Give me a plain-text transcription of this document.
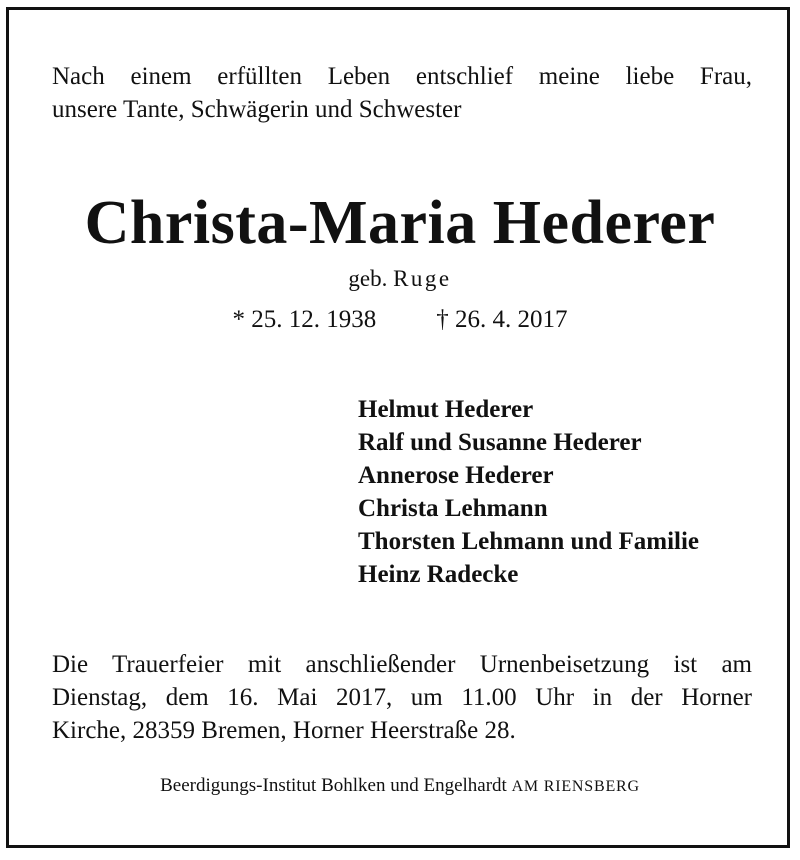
Nach einem erfüllten Leben entschlief meine liebe Frau,
unsere Tante, Schwägerin und Schwester
Christa-Maria Hederer
geb. Ruge
* 25. 12. 1938 † 26. 4. 2017
Helmut Hederer
Ralf und Susanne Hederer
Annerose Hederer
Christa Lehmann
Thorsten Lehmann und Familie
Heinz Radecke
Die Trauerfeier mit anschließender Urnenbeisetzung ist am
Dienstag, dem 16. Mai 2017, um 11.00 Uhr in der Horner
Kirche, 28359 Bremen, Horner Heerstraße 28.
Beerdigungs-Institut Bohlken und Engelhardt AM RIENSBERG
